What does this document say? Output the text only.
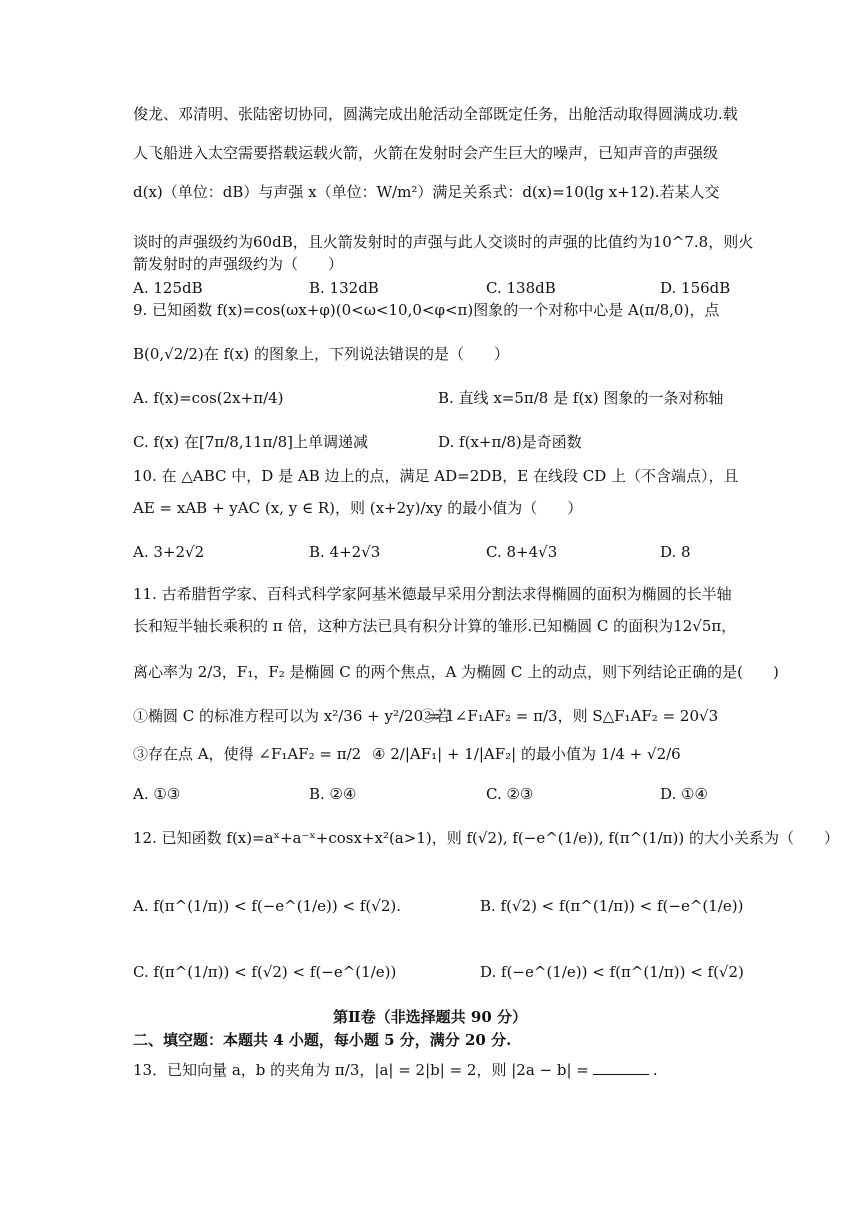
俊龙、邓清明、张陆密切协同，圆满完成出舱活动全部既定任务，出舱活动取得圆满成功.载
人飞船进入太空需要搭载运载火箭，火箭在发射时会产生巨大的噪声，已知声音的声强级
d(x)（单位：dB）与声强 x（单位：W/m²）满足关系式：d(x)=10(lg x+12).若某人交
谈时的声强级约为60dB，且火箭发射时的声强与此人交谈时的声强的比值约为10^7.8，则火
箭发射时的声强级约为（　　）
A. 125dB	B. 132dB	C. 138dB	D. 156dB
9. 已知函数 f(x)=cos(ωx+φ)(0<ω<10,0<φ<π)图象的一个对称中心是 A(π/8,0)，点
B(0,√2/2)在 f(x) 的图象上，下列说法错误的是（　　）
A. f(x)=cos(2x+π/4)	B. 直线 x=5π/8 是 f(x) 图象的一条对称轴
C. f(x) 在[7π/8,11π/8]上单调递减	D. f(x+π/8)是奇函数
10. 在 △ABC 中，D 是 AB 边上的点，满足 AD=2DB，E 在线段 CD 上（不含端点），且
AE = xAB + yAC (x, y ∈ R)，则 (x+2y)/xy 的最小值为（　　）
A. 3+2√2	B. 4+2√3	C. 8+4√3	D. 8
11. 古希腊哲学家、百科式科学家阿基米德最早采用分割法求得椭圆的面积为椭圆的长半轴
长和短半轴长乘积的 π 倍，这种方法已具有积分计算的雏形.已知椭圆 C 的面积为12√5π，
离心率为 2/3，F₁，F₂ 是椭圆 C 的两个焦点，A 为椭圆 C 上的动点，则下列结论正确的是(　　)
①椭圆 C 的标准方程可以为 x²/36 + y²/20 = 1
②若 ∠F₁AF₂ = π/3，则 S△F₁AF₂ = 20√3
③存在点 A，使得 ∠F₁AF₂ = π/2 ④ 2/|AF₁| + 1/|AF₂| 的最小值为 1/4 + √2/6
A. ①③	B. ②④	C. ②③	D. ①④
12. 已知函数 f(x)=aˣ+a⁻ˣ+cosx+x²(a>1)，则 f(√2), f(−e^(1/e)), f(π^(1/π)) 的大小关系为（　　）
A. f(π^(1/π)) < f(−e^(1/e)) < f(√2).	B. f(√2) < f(π^(1/π)) < f(−e^(1/e))
C. f(π^(1/π)) < f(√2) < f(−e^(1/e))	D. f(−e^(1/e)) < f(π^(1/π)) < f(√2)
第Ⅱ卷（非选择题共 90 分）
二、填空题：本题共 4 小题，每小题 5 分，满分 20 分.
13．已知向量 a，b 的夹角为 π/3，|a| = 2|b| = 2，则 |2a − b| =	.
